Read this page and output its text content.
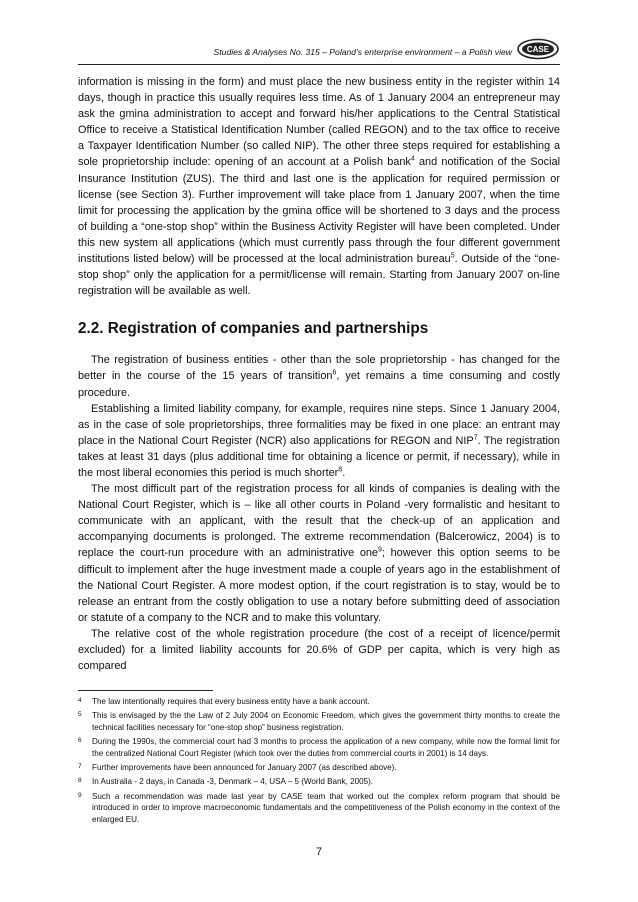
Studies & Analyses No. 315 – Poland's enterprise environment – a Polish view CASE

information is missing in the form) and must place the new business entity in the register within 14 days, though in practice this usually requires less time. As of 1 January 2004 an entrepreneur may ask the gmina administration to accept and forward his/her applications to the Central Statistical Office to receive a Statistical Identification Number (called REGON) and to the tax office to receive a Taxpayer Identification Number (so called NIP). The other three steps required for establishing a sole proprietorship include: opening of an account at a Polish bank$^4$ and notification of the Social Insurance Institution (ZUS). The third and last one is the application for required permission or license (see Section 3). Further improvement will take place from 1 January 2007, when the time limit for processing the application by the gmina office will be shortened to 3 days and the process of building a “one-stop shop” within the Business Activity Register will have been completed. Under this new system all applications (which must currently pass through the four different government institutions listed below) will be processed at the local administration bureau$^5$. Outside of the “one-stop shop” only the application for a permit/license will remain. Starting from January 2007 on-line registration will be available as well.

2.2. Registration of companies and partnerships

The registration of business entities - other than the sole proprietorship - has changed for the better in the course of the 15 years of transition$^6$, yet remains a time consuming and costly procedure.

Establishing a limited liability company, for example, requires nine steps. Since 1 January 2004, as in the case of sole proprietorships, three formalities may be fixed in one place: an entrant may place in the National Court Register (NCR) also applications for REGON and NIP$^7$. The registration takes at least 31 days (plus additional time for obtaining a licence or permit, if necessary), while in the most liberal economies this period is much shorter$^8$.

The most difficult part of the registration process for all kinds of companies is dealing with the National Court Register, which is – like all other courts in Poland -very formalistic and hesitant to communicate with an applicant, with the result that the check-up of an application and accompanying documents is prolonged. The extreme recommendation (Balcerowicz, 2004) is to replace the court-run procedure with an administrative one$^9$; however this option seems to be difficult to implement after the huge investment made a couple of years ago in the establishment of the National Court Register. A more modest option, if the court registration is to stay, would be to release an entrant from the costly obligation to use a notary before submitting deed of association or statute of a company to the NCR and to make this voluntary.

The relative cost of the whole registration procedure (the cost of a receipt of licence/permit excluded) for a limited liability accounts for 20.6% of GDP per capita, which is very high as compared

4	The law intentionally requires that every business entity have a bank account.
5	This is envisaged by the the Law of 2 July 2004 on Economic Freedom, which gives the government thirty months to create the technical facilities necessary for “one-stop shop” business registration.
6	During the 1990s, the commercial court had 3 months to process the application of a new company, while now the formal limit for the centralized National Court Register (which took over the duties from commercial courts in 2001) is 14 days.
7	Further improvements have been announced for January 2007 (as described above).
8	In Australia - 2 days, in Canada -3, Denmark – 4, USA – 5 (World Bank, 2005).
9	Such a recommendation was made last year by CASE team that worked out the complex reform program that should be introduced in order to improve macroeconomic fundamentals and the competitiveness of the Polish economy in the context of the enlarged EU.
7
